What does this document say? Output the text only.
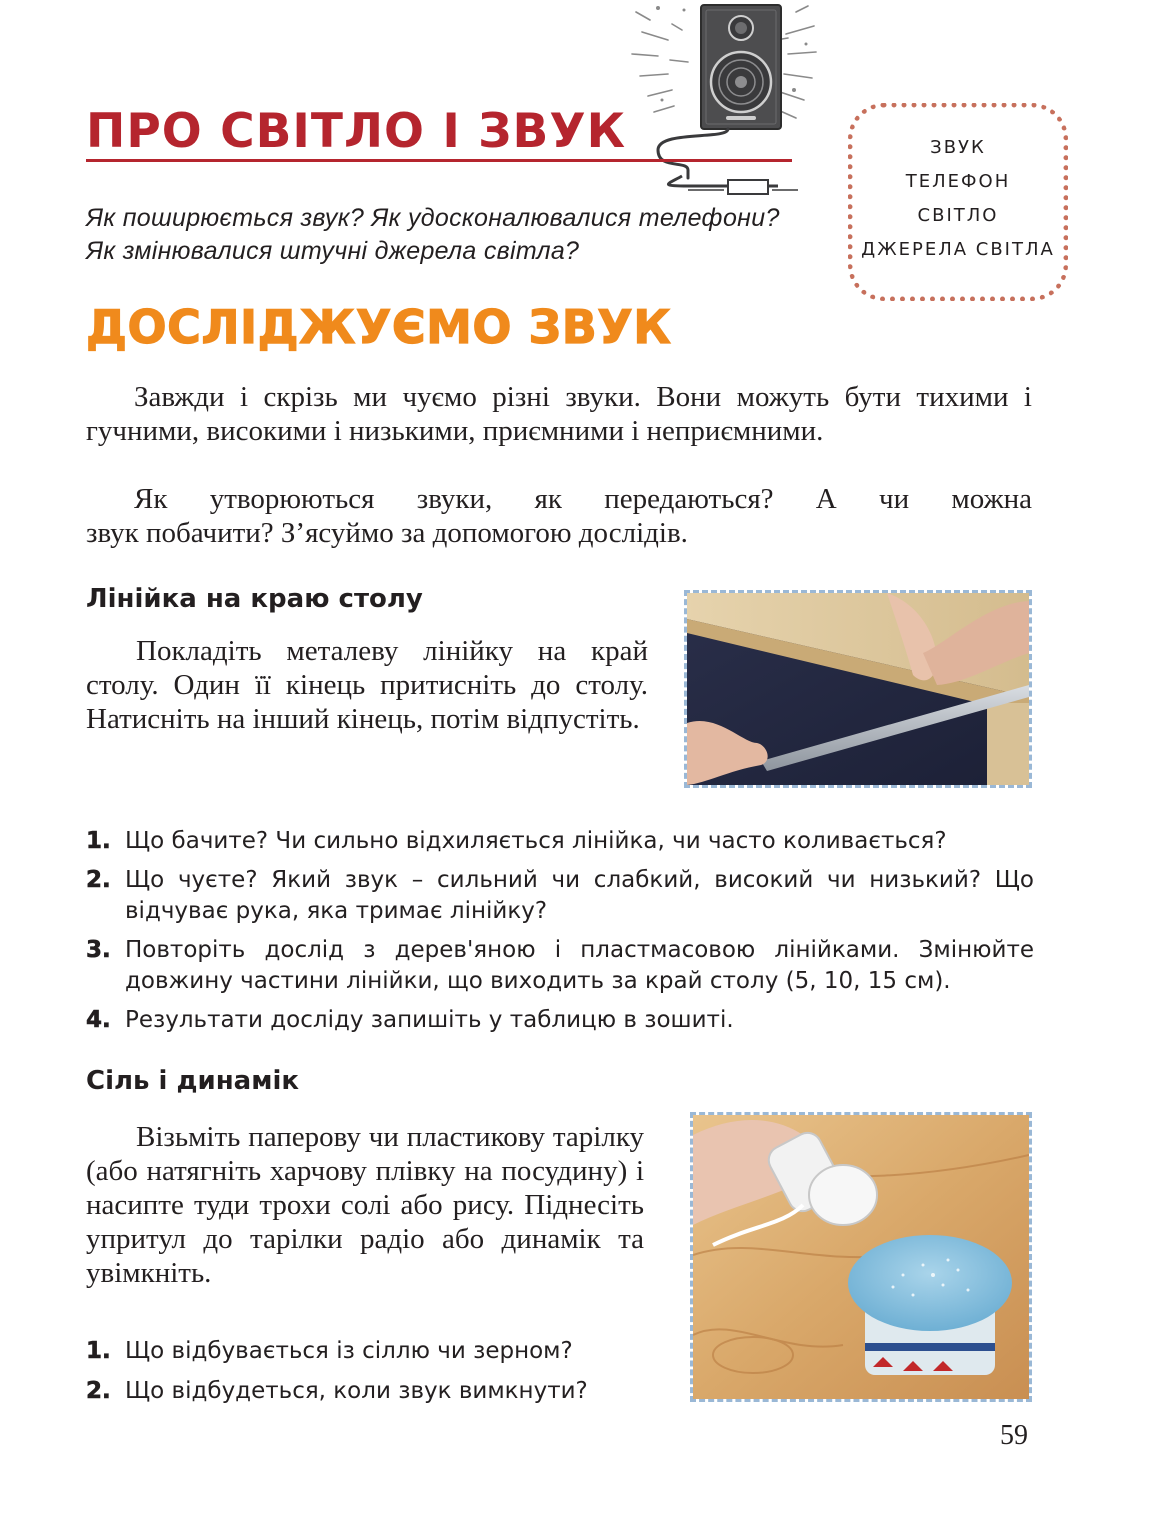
ПРО СВІТЛО І ЗВУК

Як поширюється звук? Як удосконалювалися телефони? Як змінювалися штучні джерела світла?

ЗВУК

ТЕЛЕФОН

СВІТЛО

ДЖЕРЕЛА СВІТЛА

ДОСЛІДЖУЄМО ЗВУК

Завжди і скрізь ми чуємо різні звуки. Вони можуть бути тихими і гучними, високими і низькими, приємними і неприємними.

Як утворюються звуки, як передаються? А чи можна

звук побачити? З’ясуймо за допомогою дослідів.

Лінійка на краю столу

Покладіть металеву лінійку на край столу. Один її кінець притисніть до столу. Натисніть на інший кінець, потім відпустіть.

1. Що бачите? Чи сильно відхиляється лінійка, чи часто коливається?
2. Що чуєте? Який звук – сильний чи слабкий, високий чи низький? Що відчуває рука, яка тримає лінійку?
3. Повторіть дослід з дерев'яною і пластмасовою лінійками. Змінюйте довжину частини лінійки, що виходить за край столу (5, 10, 15 см).
4. Результати досліду запишіть у таблицю в зошиті.
Сіль і динамік

Візьміть паперову чи пластикову тарілку (або натягніть харчову плівку на посудину) і насипте туди трохи солі або рису. Піднесіть упритул до тарілки радіо або динамік та увімкніть.

1. Що відбувається із сіллю чи зерном?
2. Що відбудеться, коли звук вимкнути?

59
